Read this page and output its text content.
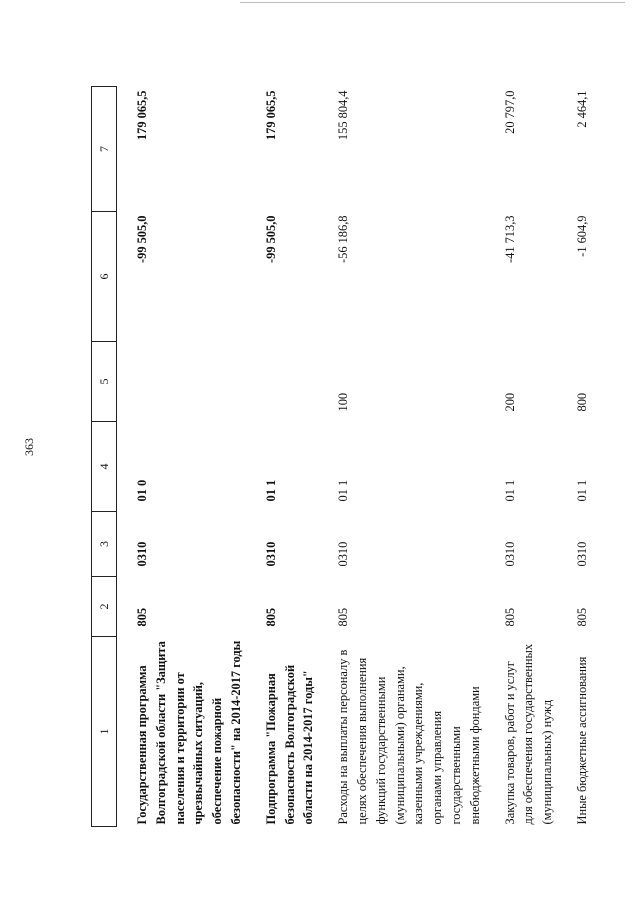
363
1	2	3	4	5	6	7

Государственная программа Волгоградской области "Защита населения и территории от чрезвычайных ситуаций, обеспечение пожарной безопасности" на 2014-2017 годы	805	0310	01 0		-99 505,0	179 065,5

Подпрограмма "Пожарная безопасность Волгоградской области на 2014-2017 годы"	805	0310	01 1		-99 505,0	179 065,5

Расходы на выплаты персоналу в целях обеспечения выполнения функций государственными (муниципальными) органами, казенными учреждениями, органами управления государственными внебюджетными фондами	805	0310	01 1	100	-56 186,8	155 804,4

Закупка товаров, работ и услуг для обеспечения государственных (муниципальных) нужд	805	0310	01 1	200	-41 713,3	20 797,0

Иные бюджетные ассигнования	805	0310	01 1	800	-1 604,9	2 464,1
